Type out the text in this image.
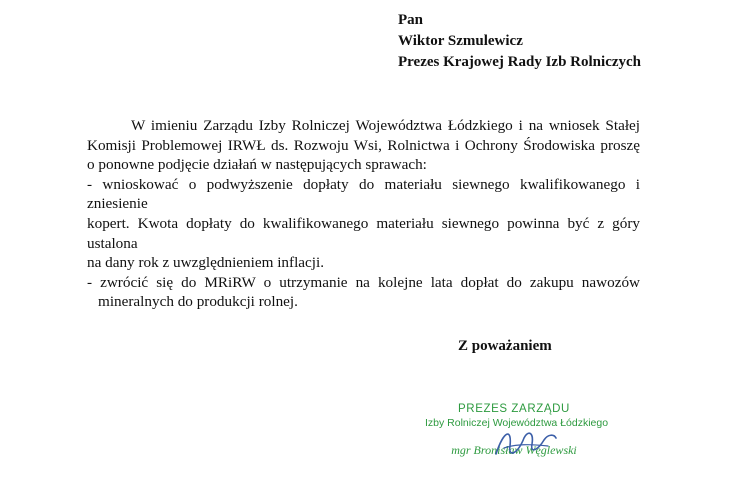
Pan
Wiktor Szmulewicz
Prezes Krajowej Rady Izb Rolniczych

W imieniu Zarządu Izby Rolniczej Województwa Łódzkiego i na wniosek Stałej

Komisji Problemowej IRWŁ ds. Rozwoju Wsi, Rolnictwa i Ochrony Środowiska proszę

o ponowne podjęcie działań w następujących sprawach:

- wnioskować o podwyższenie dopłaty do materiału siewnego kwalifikowanego i zniesienie

kopert. Kwota dopłaty do kwalifikowanego materiału siewnego powinna być z góry ustalona

na dany rok z uwzględnieniem inflacji.

- zwrócić się do MRiRW o utrzymanie na kolejne lata dopłat do zakupu nawozów

mineralnych do produkcji rolnej.

Z poważaniem
PREZES ZARZĄDU
Izby Rolniczej Województwa Łódzkiego
mgr Bronisław Węglewski
